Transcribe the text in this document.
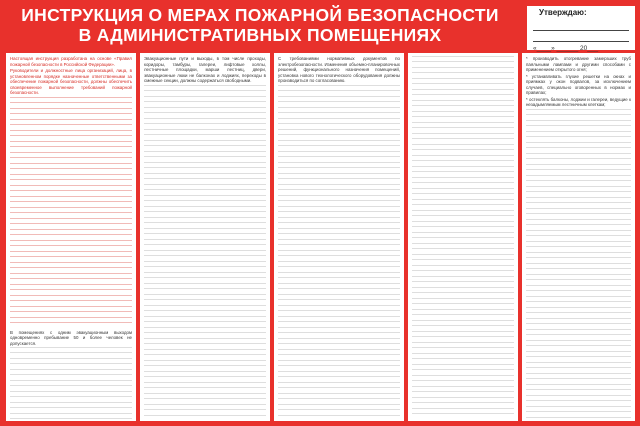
ИНСТРУКЦИЯ О МЕРАХ ПОЖАРНОЙ БЕЗОПАСНОСТИ
В АДМИНИСТРАТИВНЫХ ПОМЕЩЕНИЯХ
Утверждаю:
«____» ______ 20___

Настоящая инструкция разработана на основе «Правил пожарной безопасности в Российской Федерации».

Руководители и должностные лица организаций, лица, в установленном порядке назначенные ответственными за обеспечение пожарной безопасности, должны обеспечить своевременное выполнение требований пожарной безопасности.

В помещениях с одним эвакуационным выходом одновременно пребывание 50 и более человек не допускается.

Эвакуационные пути и выходы, в том числе проходы, коридоры, тамбуры, галереи, лифтовые холлы, лестничные площадки, марши лестниц, двери, эвакуационные люки не балконах и лоджиях, переходы в смежные секции, должны содержаться свободными.

С требованиями нормативных документов по электробезопасности. Изменения объемно-планировочных решений, функционального назначения помещений, установка нового технологического оборудования должны производиться по согласованию.

* производить отогревание замерзших труб паяльными лампами и другими способами с применением открытого огня;

* устанавливать глухие решетки на окнах и приямках у окон подвалов, за исключением случаев, специально оговоренных в нормах и правилах;

* остеклять балконы, лоджии и галереи, ведущие к незадымляемым лестничным клеткам;
